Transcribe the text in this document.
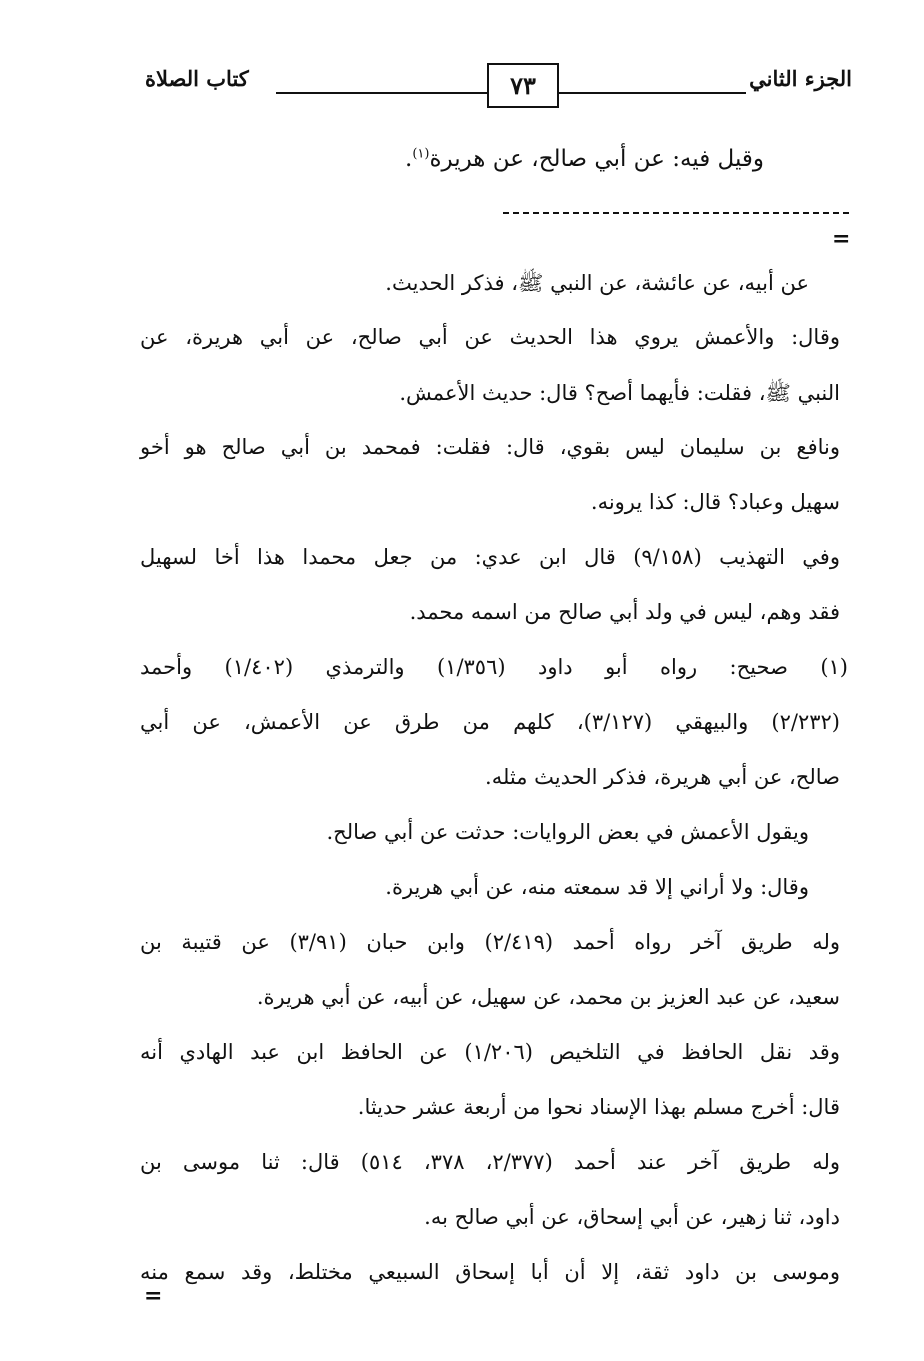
الجزء الثاني
٧٣
كتاب الصلاة
وقيل فيه: عن أبي صالح، عن هريرة$^{(١)}$.
=
عن أبيه، عن عائشة، عن النبي ﷺ، فذكر الحديث.
وقال: والأعمش يروي هذا الحديث عن أبي صالح، عن أبي هريرة، عن
النبي ﷺ، فقلت: فأيهما أصح؟ قال: حديث الأعمش.
ونافع بن سليمان ليس بقوي، قال: فقلت: فمحمد بن أبي صالح هو أخو
سهيل وعباد؟ قال: كذا يرونه.
وفي التهذيب (٩/١٥٨) قال ابن عدي: من جعل محمدا هذا أخا لسهيل
فقد وهم، ليس في ولد أبي صالح من اسمه محمد.
(١) صحيح: رواه أبو داود (١/٣٥٦) والترمذي (١/٤٠٢) وأحمد
(٢/٢٣٢) والبيهقي (٣/١٢٧)، كلهم من طرق عن الأعمش، عن أبي
صالح، عن أبي هريرة، فذكر الحديث مثله.
ويقول الأعمش في بعض الروايات: حدثت عن أبي صالح.
وقال: ولا أراني إلا قد سمعته منه، عن أبي هريرة.
وله طريق آخر رواه أحمد (٢/٤١٩) وابن حبان (٣/٩١) عن قتيبة بن
سعيد، عن عبد العزيز بن محمد، عن سهيل، عن أبيه، عن أبي هريرة.
وقد نقل الحافظ في التلخيص (١/٢٠٦) عن الحافظ ابن عبد الهادي أنه
قال: أخرج مسلم بهذا الإسناد نحوا من أربعة عشر حديثا.
وله طريق آخر عند أحمد (٢/٣٧٧، ٣٧٨، ٥١٤) قال: ثنا موسى بن
داود، ثنا زهير، عن أبي إسحاق، عن أبي صالح به.
وموسى بن داود ثقة، إلا أن أبا إسحاق السبيعي مختلط، وقد سمع منه
=
